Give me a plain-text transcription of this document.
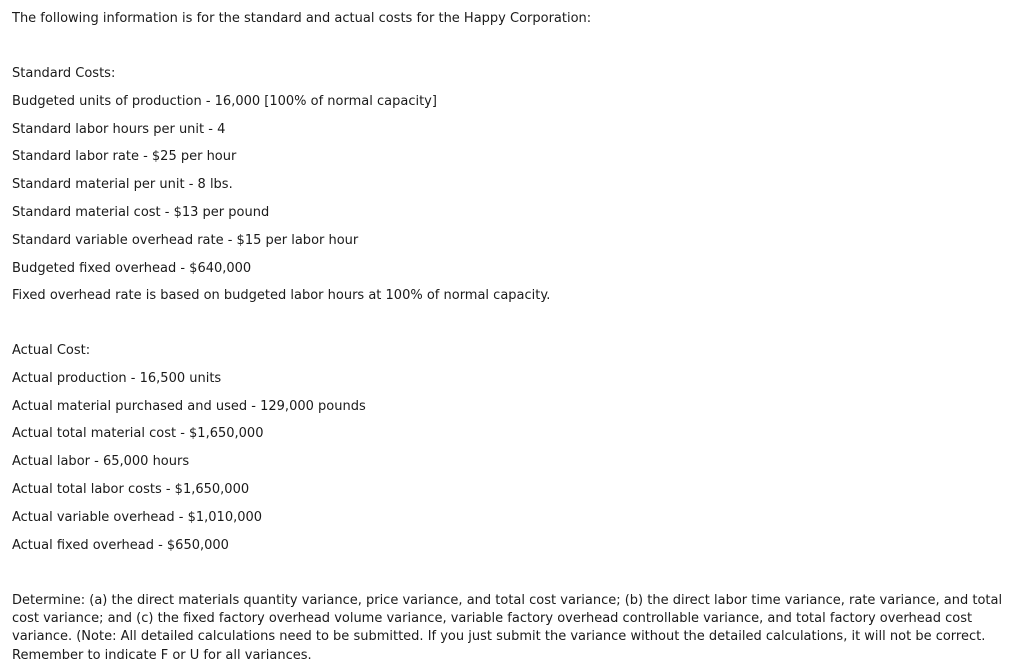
The following information is for the standard and actual costs for the Happy Corporation:
Standard Costs:
Budgeted units of production - 16,000 [100% of normal capacity]
Standard labor hours per unit - 4
Standard labor rate - $25 per hour
Standard material per unit - 8 lbs.
Standard material cost - $13 per pound
Standard variable overhead rate - $15 per labor hour
Budgeted fixed overhead - $640,000
Fixed overhead rate is based on budgeted labor hours at 100% of normal capacity.
Actual Cost:
Actual production - 16,500 units
Actual material purchased and used - 129,000 pounds
Actual total material cost - $1,650,000
Actual labor - 65,000 hours
Actual total labor costs - $1,650,000
Actual variable overhead - $1,010,000
Actual fixed overhead - $650,000
Determine: (a) the direct materials quantity variance, price variance, and total cost variance; (b) the direct labor time variance, rate variance, and total cost variance; and (c) the fixed factory overhead volume variance, variable factory overhead controllable variance, and total factory overhead cost variance. (Note: All detailed calculations need to be submitted. If you just submit the variance without the detailed calculations, it will not be correct. Remember to indicate F or U for all variances.
